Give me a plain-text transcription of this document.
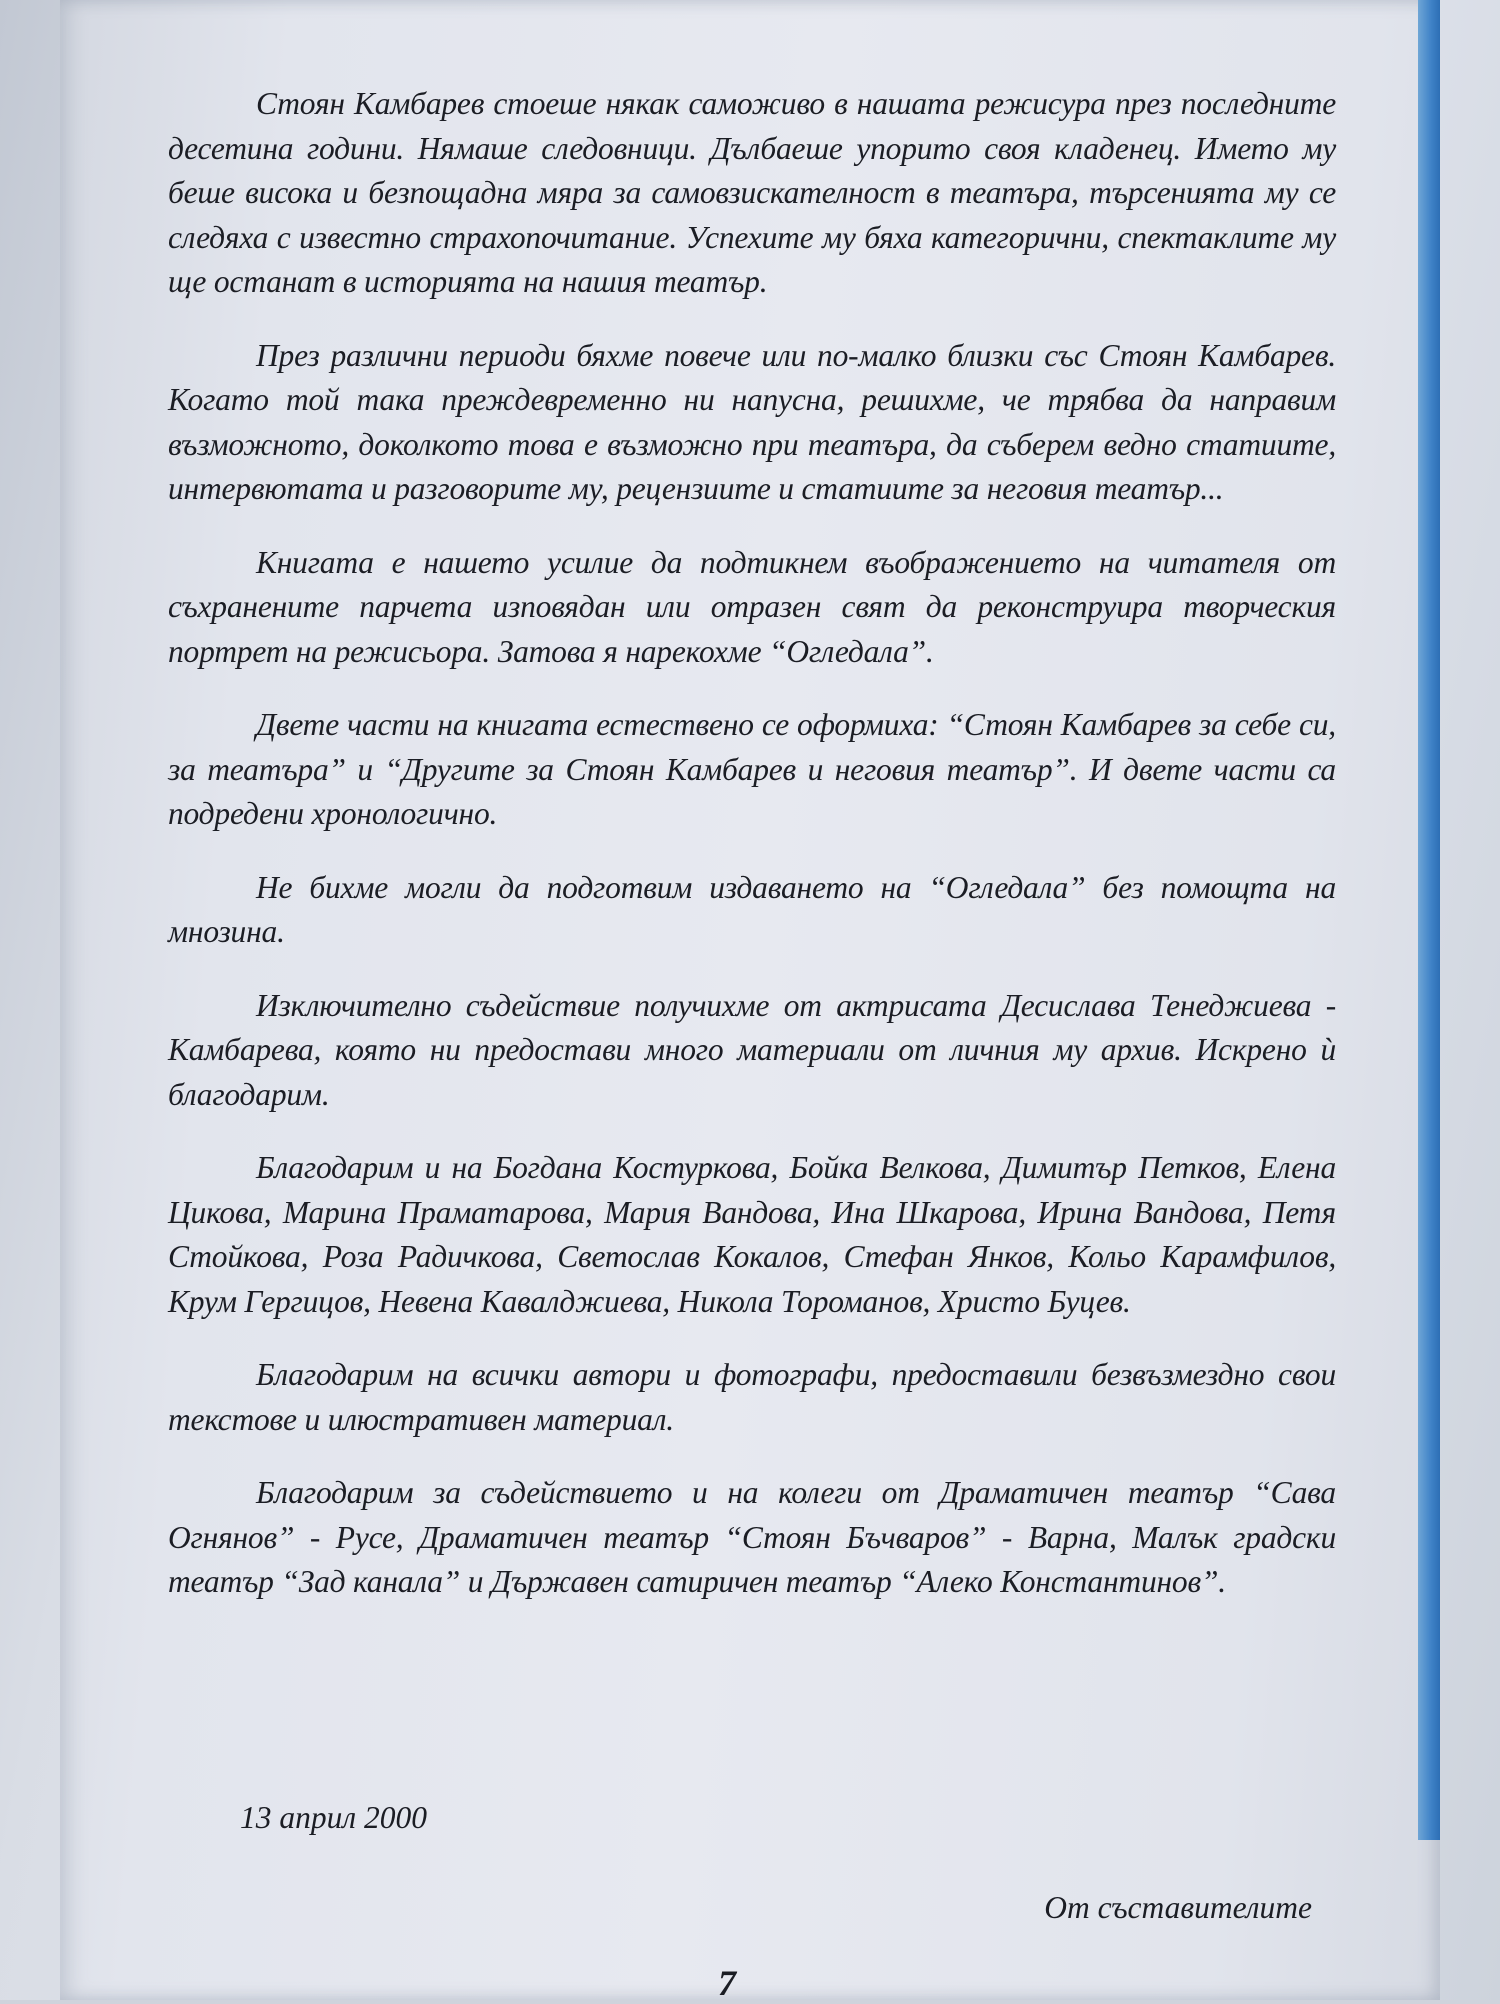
Стоян Камбарев стоеше някак саможиво в нашата режисура през последните десетина години. Нямаше следовници. Дълбаеше упорито своя кладенец. Името му беше висока и безпощадна мяра за самовзискателност в театъра, търсенията му се следяха с известно страхопочитание. Успехите му бяха категорични, спектаклите му ще останат в историята на нашия театър.

През различни периоди бяхме повече или по-малко близки със Стоян Камбарев. Когато той така преждевременно ни напусна, решихме, че трябва да направим възможното, доколкото това е възможно при театъра, да съберем ведно статиите, интервютата и разговорите му, рецензиите и статиите за неговия театър...

Книгата е нашето усилие да подтикнем въображението на читателя от съхранените парчета изповядан или отразен свят да реконструира творческия портрет на режисьора. Затова я нарекохме “Огледала”.

Двете части на книгата естествено се оформиха: “Стоян Камбарев за себе си, за театъра” и “Другите за Стоян Камбарев и неговия театър”. И двете части са подредени хронологично.

Не бихме могли да подготвим издаването на “Огледала” без помощта на мнозина.

Изключително съдействие получихме от актрисата Десислава Тенеджиева - Камбарева, която ни предостави много материали от личния му архив. Искрено ѝ благодарим.

Благодарим и на Богдана Костуркова, Бойка Велкова, Димитър Петков, Елена Цикова, Марина Праматарова, Мария Вандова, Ина Шкарова, Ирина Вандова, Петя Стойкова, Роза Радичкова, Светослав Кокалов, Стефан Янков, Кольо Карамфилов, Крум Гергицов, Невена Кавалджиева, Никола Тороманов, Христо Буцев.

Благодарим на всички автори и фотографи, предоставили безвъзмездно свои текстове и илюстративен материал.

Благодарим за съдействието и на колеги от Драматичен театър “Сава Огнянов” - Русе, Драматичен театър “Стоян Бъчваров” - Варна, Малък градски театър “Зад канала” и Държавен сатиричен театър “Алеко Константинов”.

13 април 2000
От съставителите
7
